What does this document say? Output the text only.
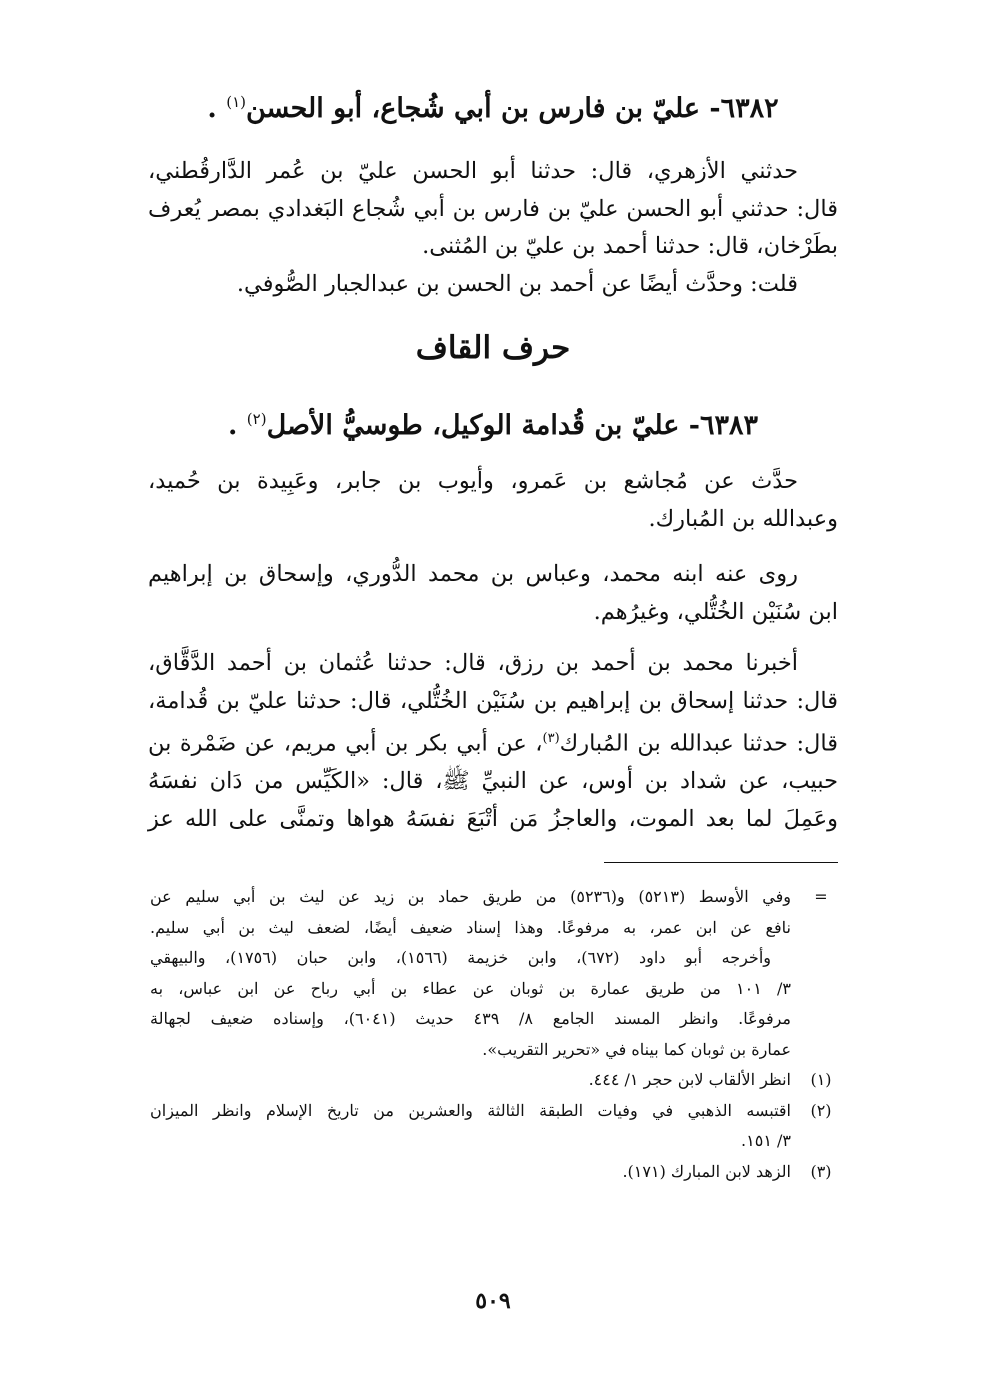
٦٣٨٢- عليّ بن فارس بن أبي شُجاع، أبو الحسن$^{(١)}$ .
حدثني الأزهري، قال: حدثنا أبو الحسن عليّ بن عُمر الدَّارقُطني،
قال: حدثني أبو الحسن عليّ بن فارس بن أبي شُجاع البَغدادي بمصر يُعرف
بطَرْخان، قال: حدثنا أحمد بن عليّ بن المُثنى.
قلت: وحدَّث أيضًا عن أحمد بن الحسن بن عبدالجبار الصُّوفي.
حرف القاف
٦٣٨٣- عليّ بن قُدامة الوكيل، طوسيُّ الأصل$^{(٢)}$ .
حدَّث عن مُجاشع بن عَمرو، وأيوب بن جابر، وعَبِيدة بن حُميد،
وعبدالله بن المُبارك.
روى عنه ابنه محمد، وعباس بن محمد الدُّوري، وإسحاق بن إبراهيم
ابن سُنَيْن الخُتُّلي، وغيرُهم.
أخبرنا محمد بن أحمد بن رزق، قال: حدثنا عُثمان بن أحمد الدَّقَّاق،
قال: حدثنا إسحاق بن إبراهيم بن سُنَيْن الخُتُّلي، قال: حدثنا عليّ بن قُدامة،
قال: حدثنا عبدالله بن المُبارك$^{(٣)}$، عن أبي بكر بن أبي مريم، عن ضَمْرة بن
حبيب، عن شداد بن أوس، عن النبيِّ ﷺ، قال: «الكَيِّس من دَان نفسَهُ
وعَمِلَ لما بعد الموت، والعاجزُ مَن أتْبَعَ نفسَهُ هواها وتمنَّى على الله عز
=
وفي الأوسط (٥٢١٣) و(٥٢٣٦) من طريق حماد بن زيد عن ليث بن أبي سليم عن
نافع عن ابن عمر، به مرفوعًا. وهذا إسناد ضعيف أيضًا، لضعف ليث بن أبي سليم.
وأخرجه أبو داود (٦٧٢)، وابن خزيمة (١٥٦٦)، وابن حبان (١٧٥٦)، والبيهقي
٣/ ١٠١ من طريق عمارة بن ثوبان عن عطاء بن أبي رباح عن ابن عباس، به
مرفوعًا. وانظر المسند الجامع ٨/ ٤٣٩ حديث (٦٠٤١)، وإسناده ضعيف لجهالة
عمارة بن ثوبان كما بيناه في «تحرير التقريب».
(١)
انظر الألقاب لابن حجر ١/ ٤٤٤.
(٢)
اقتبسه الذهبي في وفيات الطبقة الثالثة والعشرين من تاريخ الإسلام وانظر الميزان
٣/ ١٥١.
(٣)
الزهد لابن المبارك (١٧١).
٥٠٩
